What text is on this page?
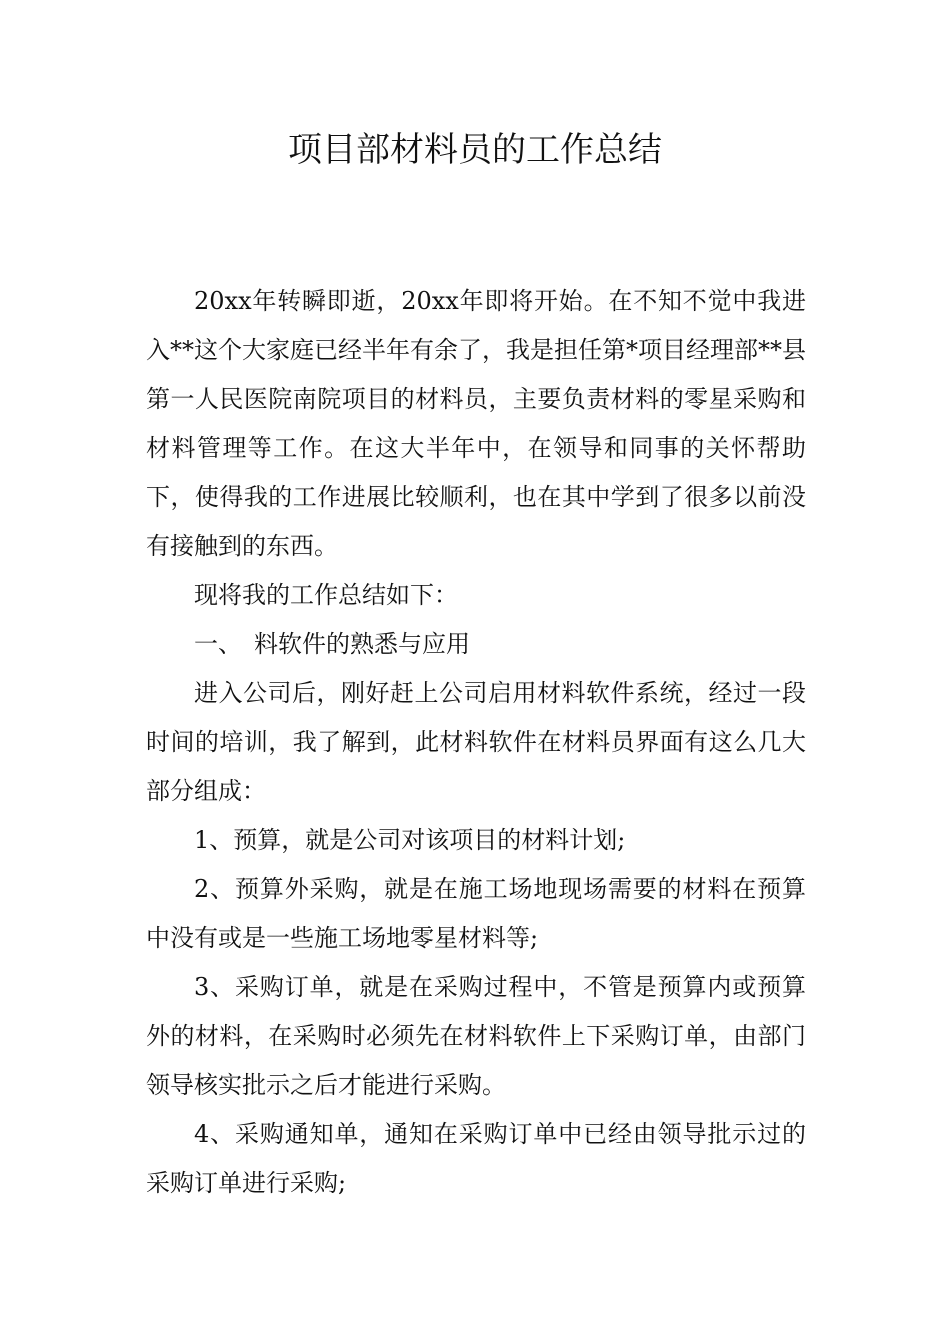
项目部材料员的工作总结

20xx年转瞬即逝，20xx年即将开始。在不知不觉中我进入**这个大家庭已经半年有余了，我是担任第*项目经理部**县第一人民医院南院项目的材料员，主要负责材料的零星采购和材料管理等工作。在这大半年中，在领导和同事的关怀帮助下，使得我的工作进展比较顺利，也在其中学到了很多以前没有接触到的东西。

现将我的工作总结如下：

一、　料软件的熟悉与应用

进入公司后，刚好赶上公司启用材料软件系统，经过一段时间的培训，我了解到，此材料软件在材料员界面有这么几大部分组成：

1、预算，就是公司对该项目的材料计划;

2、预算外采购，就是在施工场地现场需要的材料在预算中没有或是一些施工场地零星材料等;

3、采购订单，就是在采购过程中，不管是预算内或预算外的材料，在采购时必须先在材料软件上下采购订单，由部门领导核实批示之后才能进行采购。

4、采购通知单，通知在采购订单中已经由领导批示过的采购订单进行采购;
